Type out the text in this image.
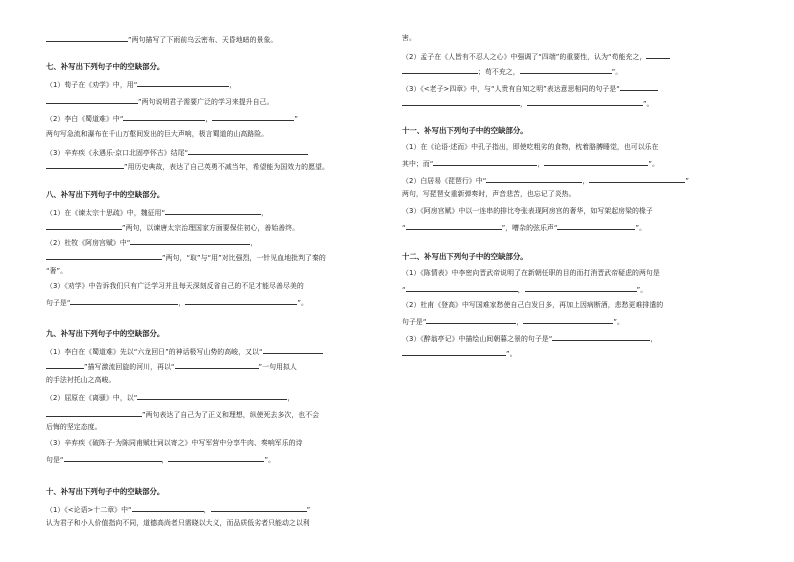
”两句描写了下雨前乌云密布、天昏地暗的景象。
七、补写出下列句子中的空缺部分。
（1）荀子在《劝学》中，用“	，
”两句说明君子需要广泛的学习来提升自己。
（2）李白《蜀道难》中“	，	”
两句写急流和瀑布在千山万壑间发出的巨大声响，极言蜀道的山高路险。
（3）辛弃疾《永遇乐·京口北固亭怀古》结尾“
”用历史典故，表达了自己英勇不减当年，希望能为国效力的愿望。
八、补写出下列句子中的空缺部分。
（1）在《谏太宗十思疏》中，魏征用“	，
”两句，以谏唐太宗治理国家方面要保住初心，善始善终。
（2）杜牧《阿房宫赋》中“	，
”两句，“取”与“用”对比强烈，一针见血地批判了秦的
“奢”。
（3）《劝学》中告诉我们只有广泛学习并且每天深刻反省自己的不足才能尽善尽美的
句子是“	，	”。
九、补写出下列句子中的空缺部分。
（1）李白在《蜀道难》先以“六龙回日”的神话极写山势的高峻，又以“
”描写激流回旋的河川，再以“	”一句用拟人
的手法衬托山之高峻。
（2）屈原在《离骚》中，以“	，
”两句表达了自己为了正义和理想，纵使死去多次，也不会
后悔的坚定态度。
（3）辛弃疾《破阵子·为陈同甫赋壮词以寄之》中写军营中分享牛肉、奏响军乐的诗
句是“	，	”。
十、补写出下列句子中的空缺部分。
（1）《<论语>十二章》中“	，	”
认为君子和小人价值指向不同，道德高尚者只需晓以大义，而品质低劣者只能动之以利
害。
（2）孟子在《人皆有不忍人之心》中强调了“四端”的重要性，认为“苟能充之，
；苟不充之，	”。
（3）《<老子>四章》中，与“人贵有自知之明”表达意思相同的句子是“
，	”。
十一、补写出下列句子中的空缺部分。
（1）在《论语·述而》中孔子指出，即使吃粗劣的食物，枕着胳膊睡觉，也可以乐在
其中；而“	，	”。
（2）白居易《琵琶行》中“	，	”
两句，写琵琶女重新弹奏时，声音悲苦，也忘记了炎热。
（3）《阿房宫赋》中以一连串的排比夸张表现阿房宫的奢华，如写架起房梁的椽子
“	”，嘈杂的弦乐声“	”。
十二、补写出下列句子中的空缺部分。
（1）《陈情表》中李密向晋武帝说明了在新朝任职的目的而打消晋武帝疑虑的两句是
“	，	”。
（2）杜甫《登高》中写国难家愁使自己白发日多，再加上因病断酒，悲愁更难排遣的
句子是“	，	”。
（3）《醉翁亭记》中描绘山间朝暮之景的句子是“	，
”。
